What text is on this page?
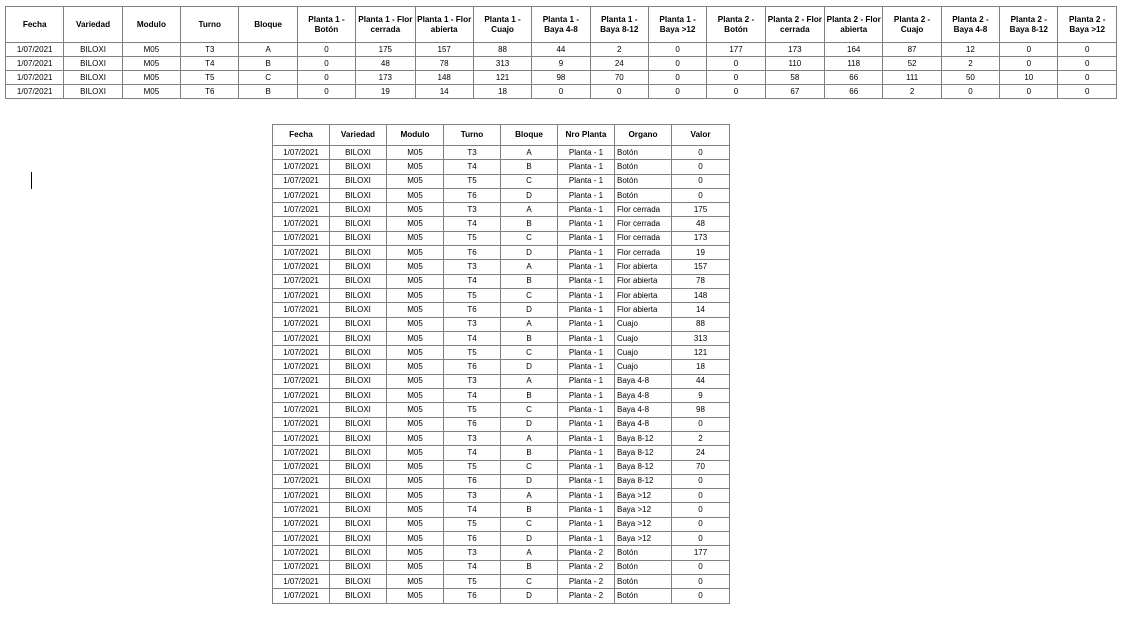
Fecha	Variedad	Modulo	Turno	Bloque	Planta 1 - Botón	Planta 1 - Flor cerrada	Planta 1 - Flor abierta	Planta 1 - Cuajo	Planta 1 - Baya 4-8	Planta 1 - Baya 8-12	Planta 1 - Baya >12	Planta 2 - Botón	Planta 2 - Flor cerrada	Planta 2 - Flor abierta	Planta 2 - Cuajo	Planta 2 - Baya 4-8	Planta 2 - Baya 8-12	Planta 2 - Baya >12
1/07/2021	BILOXI	M05	T3	A	0	175	157	88	44	2	0	177	173	164	87	12	0	0
1/07/2021	BILOXI	M05	T4	B	0	48	78	313	9	24	0	0	110	118	52	2	0	0
1/07/2021	BILOXI	M05	T5	C	0	173	148	121	98	70	0	0	58	66	111	50	10	0
1/07/2021	BILOXI	M05	T6	B	0	19	14	18	0	0	0	0	67	66	2	0	0	0
Fecha	Variedad	Modulo	Turno	Bloque	Nro Planta	Organo	Valor
1/07/2021	BILOXI	M05	T3	A	Planta - 1	Botón	0
1/07/2021	BILOXI	M05	T4	B	Planta - 1	Botón	0
1/07/2021	BILOXI	M05	T5	C	Planta - 1	Botón	0
1/07/2021	BILOXI	M05	T6	D	Planta - 1	Botón	0
1/07/2021	BILOXI	M05	T3	A	Planta - 1	Flor cerrada	175
1/07/2021	BILOXI	M05	T4	B	Planta - 1	Flor cerrada	48
1/07/2021	BILOXI	M05	T5	C	Planta - 1	Flor cerrada	173
1/07/2021	BILOXI	M05	T6	D	Planta - 1	Flor cerrada	19
1/07/2021	BILOXI	M05	T3	A	Planta - 1	Flor abierta	157
1/07/2021	BILOXI	M05	T4	B	Planta - 1	Flor abierta	78
1/07/2021	BILOXI	M05	T5	C	Planta - 1	Flor abierta	148
1/07/2021	BILOXI	M05	T6	D	Planta - 1	Flor abierta	14
1/07/2021	BILOXI	M05	T3	A	Planta - 1	Cuajo	88
1/07/2021	BILOXI	M05	T4	B	Planta - 1	Cuajo	313
1/07/2021	BILOXI	M05	T5	C	Planta - 1	Cuajo	121
1/07/2021	BILOXI	M05	T6	D	Planta - 1	Cuajo	18
1/07/2021	BILOXI	M05	T3	A	Planta - 1	Baya 4-8	44
1/07/2021	BILOXI	M05	T4	B	Planta - 1	Baya 4-8	9
1/07/2021	BILOXI	M05	T5	C	Planta - 1	Baya 4-8	98
1/07/2021	BILOXI	M05	T6	D	Planta - 1	Baya 4-8	0
1/07/2021	BILOXI	M05	T3	A	Planta - 1	Baya 8-12	2
1/07/2021	BILOXI	M05	T4	B	Planta - 1	Baya 8-12	24
1/07/2021	BILOXI	M05	T5	C	Planta - 1	Baya 8-12	70
1/07/2021	BILOXI	M05	T6	D	Planta - 1	Baya 8-12	0
1/07/2021	BILOXI	M05	T3	A	Planta - 1	Baya >12	0
1/07/2021	BILOXI	M05	T4	B	Planta - 1	Baya >12	0
1/07/2021	BILOXI	M05	T5	C	Planta - 1	Baya >12	0
1/07/2021	BILOXI	M05	T6	D	Planta - 1	Baya >12	0
1/07/2021	BILOXI	M05	T3	A	Planta - 2	Botón	177
1/07/2021	BILOXI	M05	T4	B	Planta - 2	Botón	0
1/07/2021	BILOXI	M05	T5	C	Planta - 2	Botón	0
1/07/2021	BILOXI	M05	T6	D	Planta - 2	Botón	0
